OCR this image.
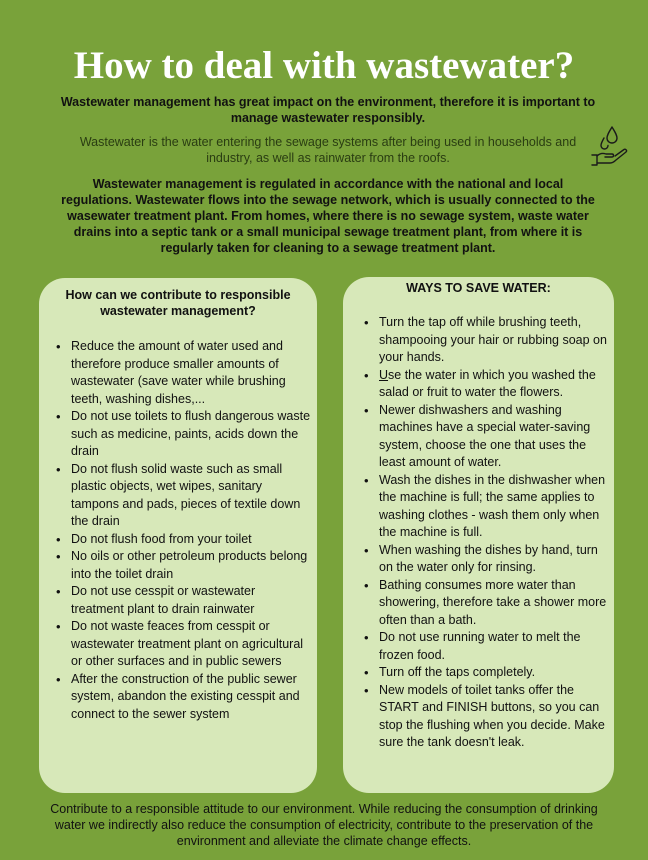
How to deal with wastewater?
Wastewater management has great impact on the environment, therefore it is important to manage wastewater responsibly.
Wastewater is the water entering the sewage systems after being used in households and industry, as well as rainwater from the roofs.
Wastewater management is regulated in accordance with the national and local regulations. Wastewater flows into the sewage network, which is usually connected to the wasewater treatment plant. From homes, where there is no sewage system, waste water drains into a septic tank or a small municipal sewage treatment plant, from where it is regularly taken for cleaning to a sewage treatment plant.
How can we contribute to responsible wastewater management?
• Reduce the amount of water used and therefore produce smaller amounts of wastewater (save water while brushing teeth, washing dishes,...
• Do not use toilets to flush dangerous waste such as medicine, paints, acids down the drain
• Do not flush solid waste such as small plastic objects, wet wipes, sanitary tampons and pads, pieces of textile down the drain
• Do not flush food from your toilet
• No oils or other petroleum products belong into the toilet drain
• Do not use cesspit or wastewater treatment plant to drain rainwater
• Do not waste feaces from cesspit or wastewater treatment plant on agricultural or other surfaces and in public sewers
• After the construction of the public sewer system, abandon the existing cesspit and connect to the sewer system
WAYS TO SAVE WATER:
• Turn the tap off while brushing teeth, shampooing your hair or rubbing soap on your hands.
• Use the water in which you washed the salad or fruit to water the flowers.
• Newer dishwashers and washing machines have a special water-saving system, choose the one that uses the least amount of water.
• Wash the dishes in the dishwasher when the machine is full; the same applies to washing clothes - wash them only when the machine is full.
• When washing the dishes by hand, turn on the water only for rinsing.
• Bathing consumes more water than showering, therefore take a shower more often than a bath.
• Do not use running water to melt the frozen food.
• Turn off the taps completely.
• New models of toilet tanks offer the START and FINISH buttons, so you can stop the flushing when you decide. Make sure the tank doesn't leak.
Contribute to a responsible attitude to our environment. While reducing the consumption of drinking water we indirectly also reduce the consumption of electricity, contribute to the preservation of the environment and alleviate the climate change effects.
